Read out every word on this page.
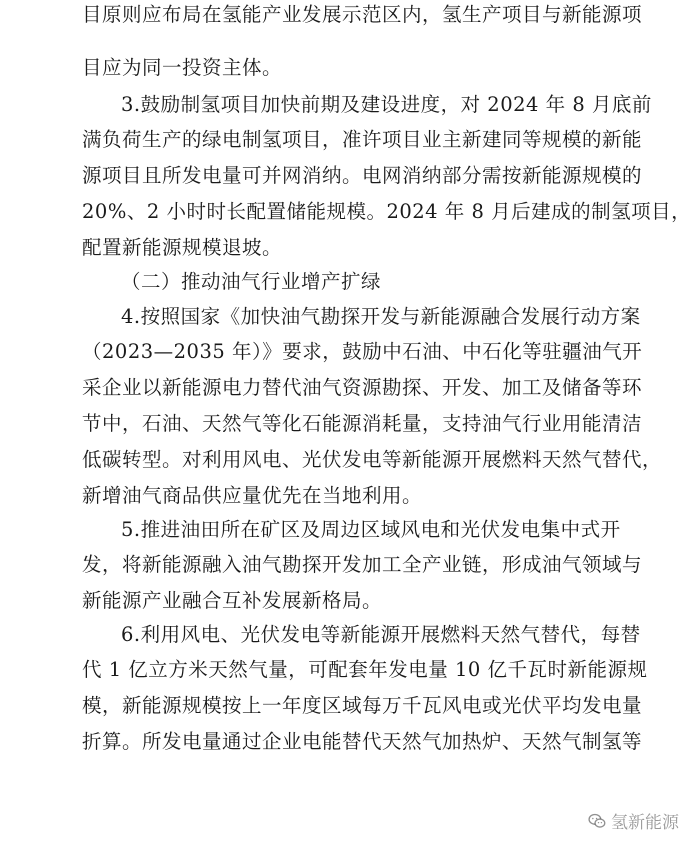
目原则应布局在氢能产业发展示范区内，氢生产项目与新能源项
目应为同一投资主体。
3.鼓励制氢项目加快前期及建设进度，对 2024 年 8 月底前
满负荷生产的绿电制氢项目，准许项目业主新建同等规模的新能
源项目且所发电量可并网消纳。电网消纳部分需按新能源规模的
20%、2 小时时长配置储能规模。2024 年 8 月后建成的制氢项目，
配置新能源规模退坡。
（二）推动油气行业增产扩绿
4.按照国家《加快油气勘探开发与新能源融合发展行动方案
（2023—2035 年）》要求，鼓励中石油、中石化等驻疆油气开
采企业以新能源电力替代油气资源勘探、开发、加工及储备等环
节中，石油、天然气等化石能源消耗量，支持油气行业用能清洁
低碳转型。对利用风电、光伏发电等新能源开展燃料天然气替代，
新增油气商品供应量优先在当地利用。
5.推进油田所在矿区及周边区域风电和光伏发电集中式开
发，将新能源融入油气勘探开发加工全产业链，形成油气领域与
新能源产业融合互补发展新格局。
6.利用风电、光伏发电等新能源开展燃料天然气替代，每替
代 1 亿立方米天然气量，可配套年发电量 10 亿千瓦时新能源规
模，新能源规模按上一年度区域每万千瓦风电或光伏平均发电量
折算。所发电量通过企业电能替代天然气加热炉、天然气制氢等
氢新能源
